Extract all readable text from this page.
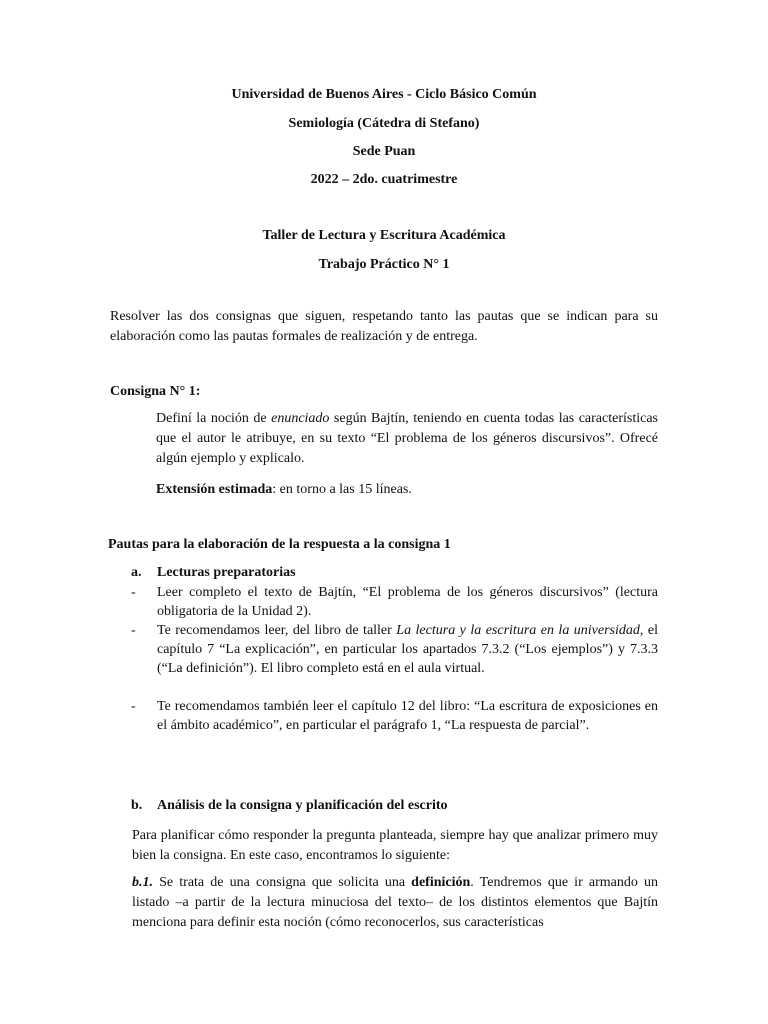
Universidad de Buenos Aires - Ciclo Básico Común
Semiología (Cátedra di Stefano)
Sede Puan
2022 – 2do. cuatrimestre
Taller de Lectura y Escritura Académica
Trabajo Práctico N° 1
Resolver las dos consignas que siguen, respetando tanto las pautas que se indican para su elaboración como las pautas formales de realización y de entrega.
Consigna N° 1:
Definí la noción de enunciado según Bajtín, teniendo en cuenta todas las características que el autor le atribuye, en su texto “El problema de los géneros discursivos”. Ofrecé algún ejemplo y explicalo.
Extensión estimada: en torno a las 15 líneas.
Pautas para la elaboración de la respuesta a la consigna 1
a. Lecturas preparatorias
- Leer completo el texto de Bajtín, “El problema de los géneros discursivos” (lectura obligatoria de la Unidad 2).
- Te recomendamos leer, del libro de taller La lectura y la escritura en la universidad, el capítulo 7 “La explicación”, en particular los apartados 7.3.2 (“Los ejemplos”) y 7.3.3 (“La definición”). El libro completo está en el aula virtual.
- Te recomendamos también leer el capítulo 12 del libro: “La escritura de exposiciones en el ámbito académico”, en particular el parágrafo 1, “La respuesta de parcial”.
b. Análisis de la consigna y planificación del escrito
Para planificar cómo responder la pregunta planteada, siempre hay que analizar primero muy bien la consigna. En este caso, encontramos lo siguiente:
b.1. Se trata de una consigna que solicita una definición. Tendremos que ir armando un listado –a partir de la lectura minuciosa del texto– de los distintos elementos que Bajtín menciona para definir esta noción (cómo reconocerlos, sus características
